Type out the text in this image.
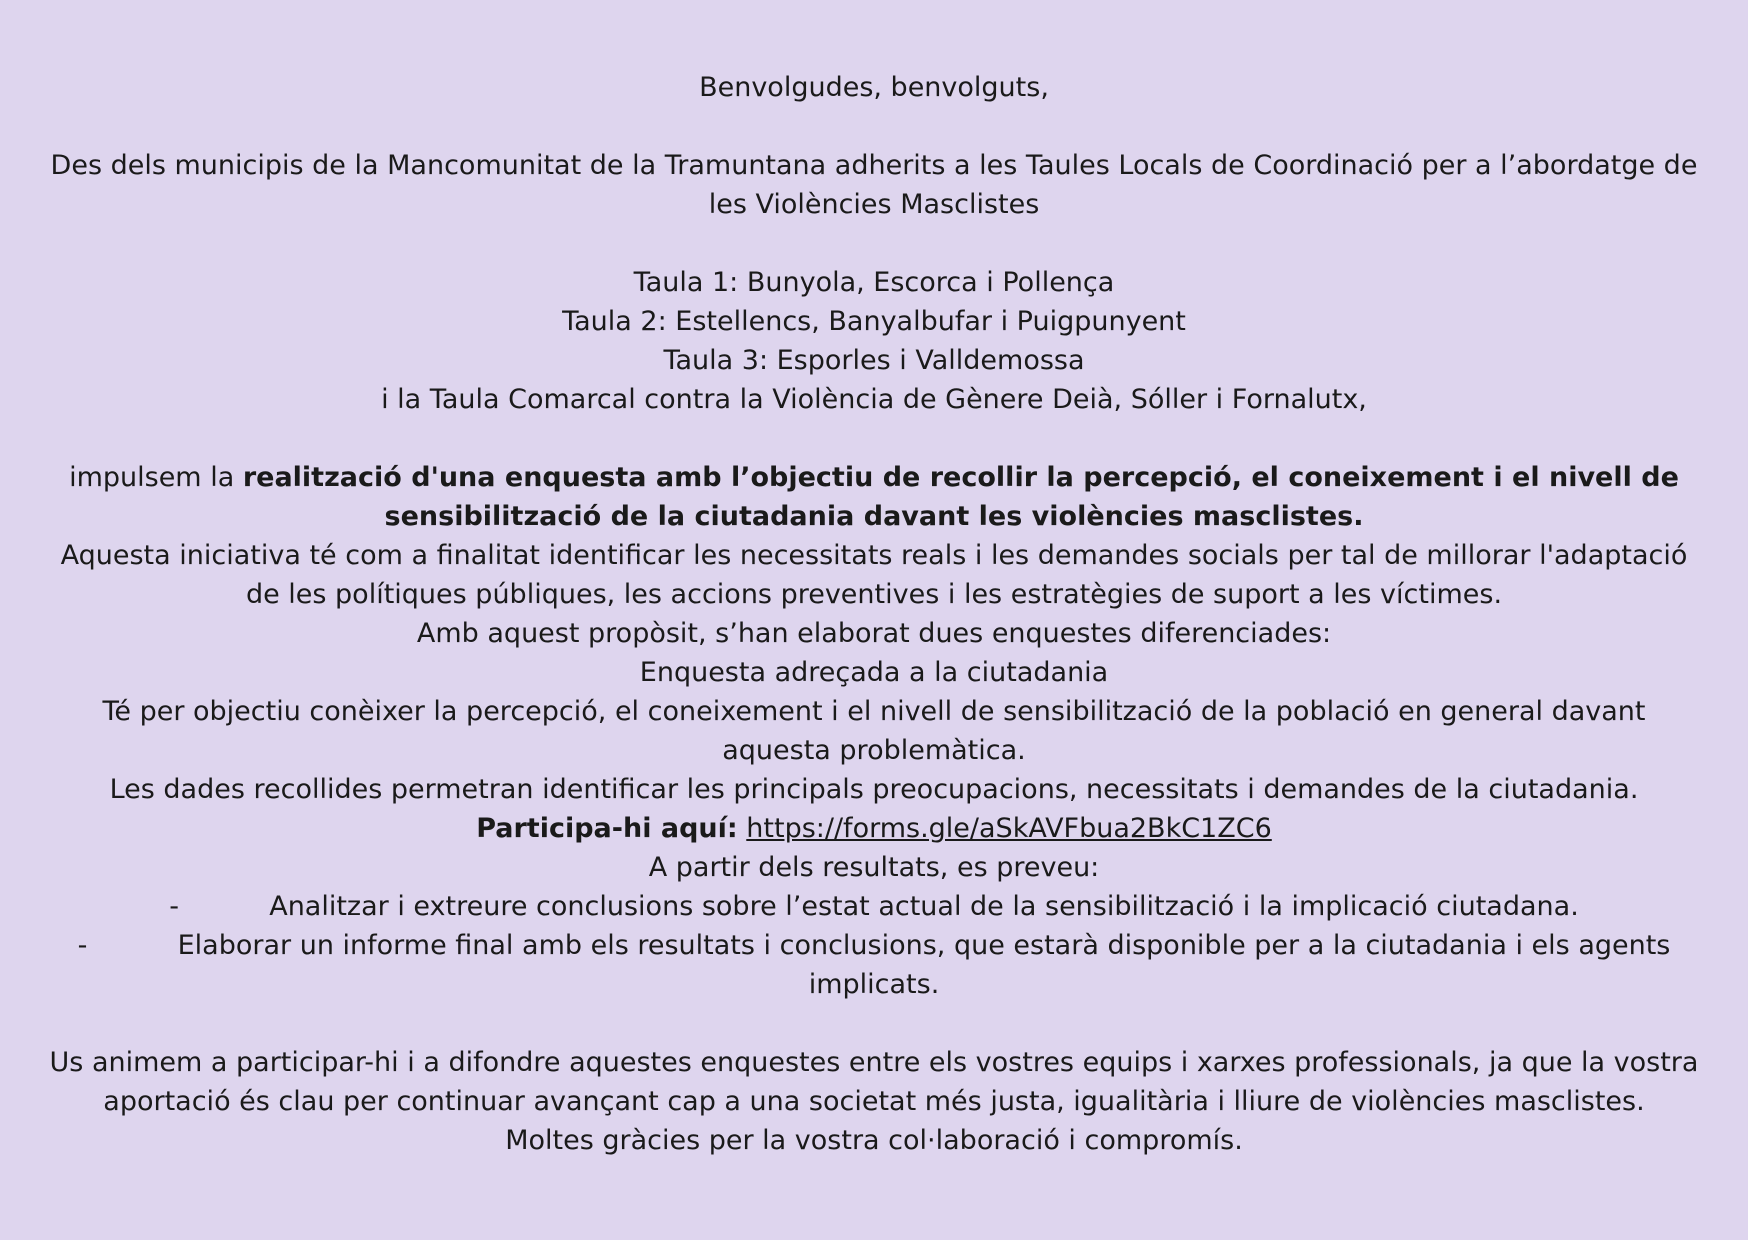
Benvolgudes, benvolguts,

Des dels municipis de la Mancomunitat de la Tramuntana adherits a les Taules Locals de Coordinació per a l’abordatge de les Violències Masclistes

Taula 1: Bunyola, Escorca i Pollença

Taula 2: Estellencs, Banyalbufar i Puigpunyent

Taula 3: Esporles i Valldemossa

i la Taula Comarcal contra la Violència de Gènere Deià, Sóller i Fornalutx,

impulsem la realització d'una enquesta amb l’objectiu de recollir la percepció, el coneixement i el nivell de sensibilització de la ciutadania davant les violències masclistes.

Aquesta iniciativa té com a finalitat identificar les necessitats reals i les demandes socials per tal de millorar l'adaptació de les polítiques públiques, les accions preventives i les estratègies de suport a les víctimes.

Amb aquest propòsit, s’han elaborat dues enquestes diferenciades:

Enquesta adreçada a la ciutadania

Té per objectiu conèixer la percepció, el coneixement i el nivell de sensibilització de la població en general davant aquesta problemàtica.

Les dades recollides permetran identificar les principals preocupacions, necessitats i demandes de la ciutadania.

Participa-hi aquí: https://forms.gle/aSkAVFbua2BkC1ZC6

A partir dels resultats, es preveu:

-	Analitzar i extreure conclusions sobre l’estat actual de la sensibilització i la implicació ciutadana.

-	Elaborar un informe final amb els resultats i conclusions, que estarà disponible per a la ciutadania i els agents implicats.

Us animem a participar-hi i a difondre aquestes enquestes entre els vostres equips i xarxes professionals, ja que la vostra aportació és clau per continuar avançant cap a una societat més justa, igualitària i lliure de violències masclistes.

Moltes gràcies per la vostra col·laboració i compromís.
